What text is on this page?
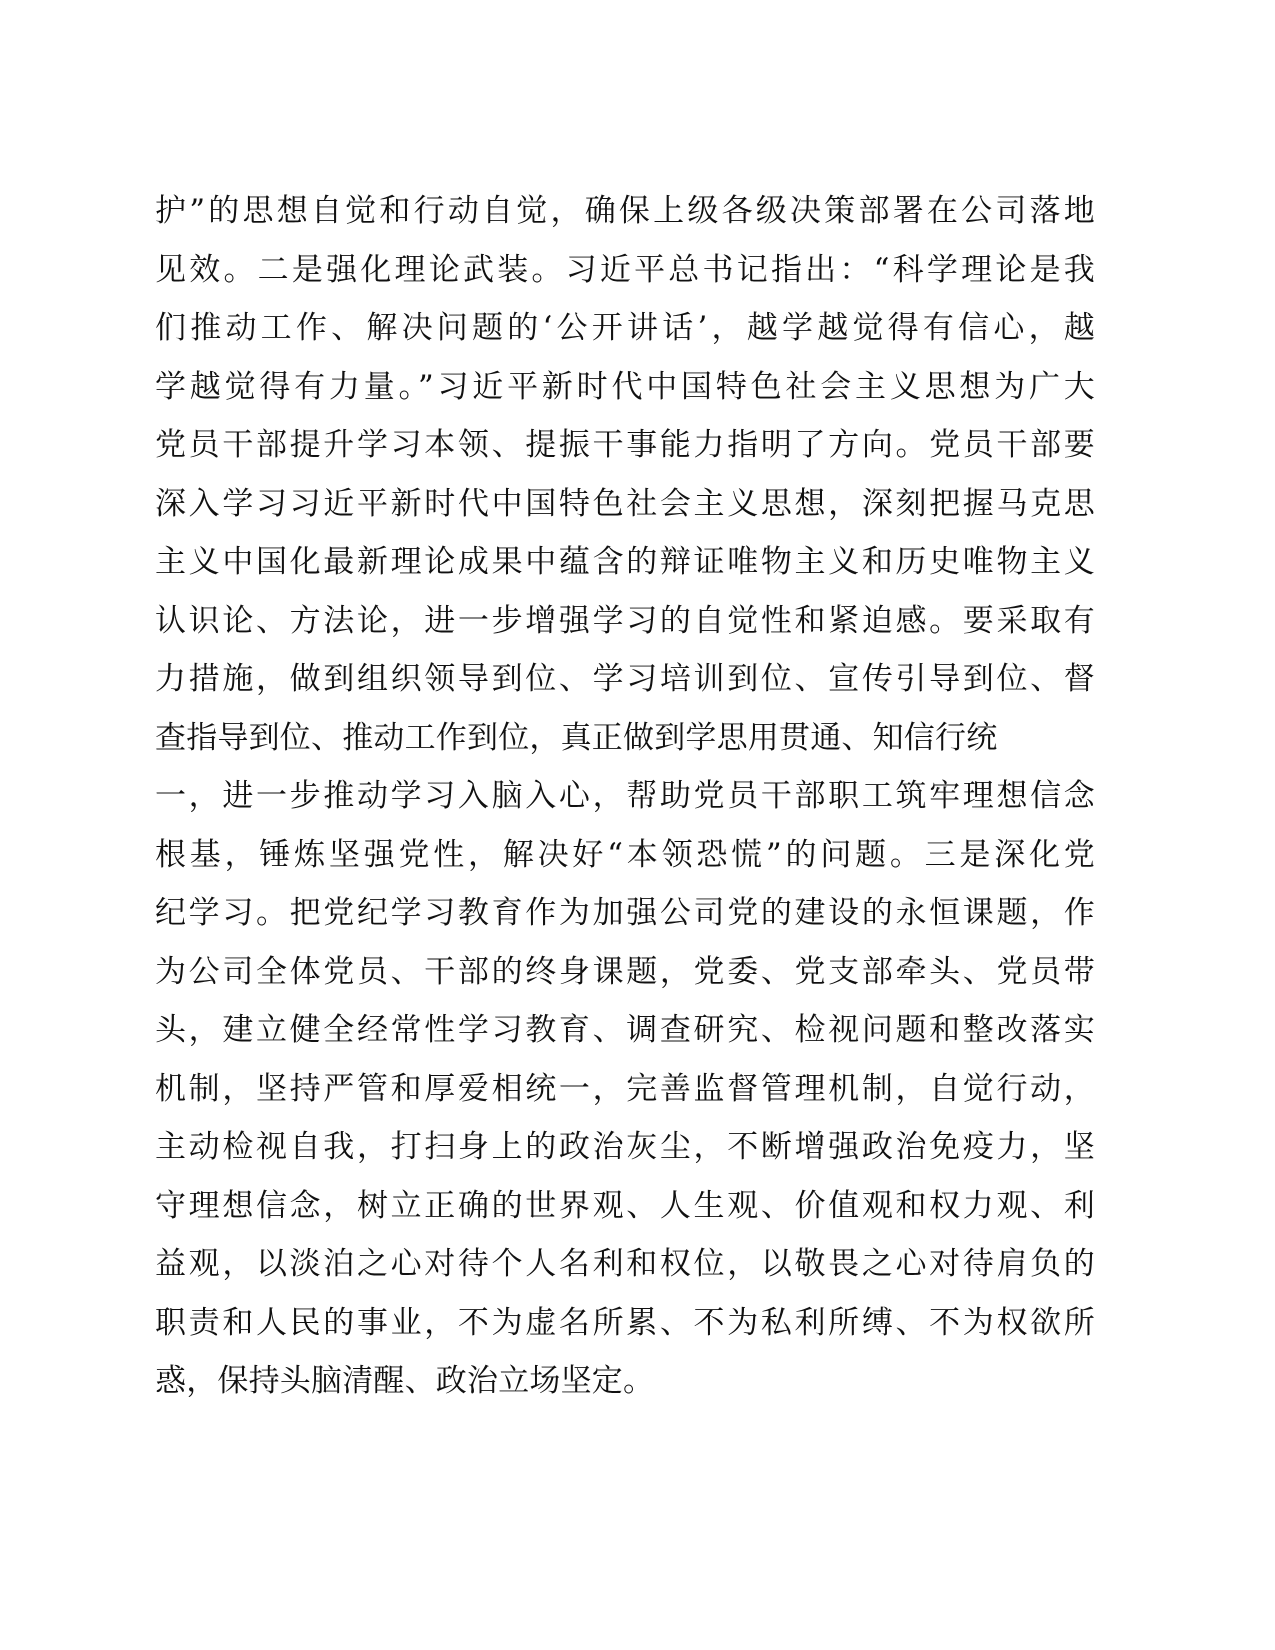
护”的思想自觉和行动自觉，确保上级各级决策部署在公司落地
见效。二是强化理论武装。习近平总书记指出：“科学理论是我
们推动工作、解决问题的‘公开讲话’，越学越觉得有信心，越
学越觉得有力量。”习近平新时代中国特色社会主义思想为广大
党员干部提升学习本领、提振干事能力指明了方向。党员干部要
深入学习习近平新时代中国特色社会主义思想，深刻把握马克思
主义中国化最新理论成果中蕴含的辩证唯物主义和历史唯物主义
认识论、方法论，进一步增强学习的自觉性和紧迫感。要采取有
力措施，做到组织领导到位、学习培训到位、宣传引导到位、督
查指导到位、推动工作到位，真正做到学思用贯通、知信行统
一，进一步推动学习入脑入心，帮助党员干部职工筑牢理想信念
根基，锤炼坚强党性，解决好“本领恐慌”的问题。三是深化党
纪学习。把党纪学习教育作为加强公司党的建设的永恒课题，作
为公司全体党员、干部的终身课题，党委、党支部牵头、党员带
头，建立健全经常性学习教育、调查研究、检视问题和整改落实
机制，坚持严管和厚爱相统一，完善监督管理机制，自觉行动，
主动检视自我，打扫身上的政治灰尘，不断增强政治免疫力，坚
守理想信念，树立正确的世界观、人生观、价值观和权力观、利
益观，以淡泊之心对待个人名利和权位，以敬畏之心对待肩负的
职责和人民的事业，不为虚名所累、不为私利所缚、不为权欲所
惑，保持头脑清醒、政治立场坚定。
